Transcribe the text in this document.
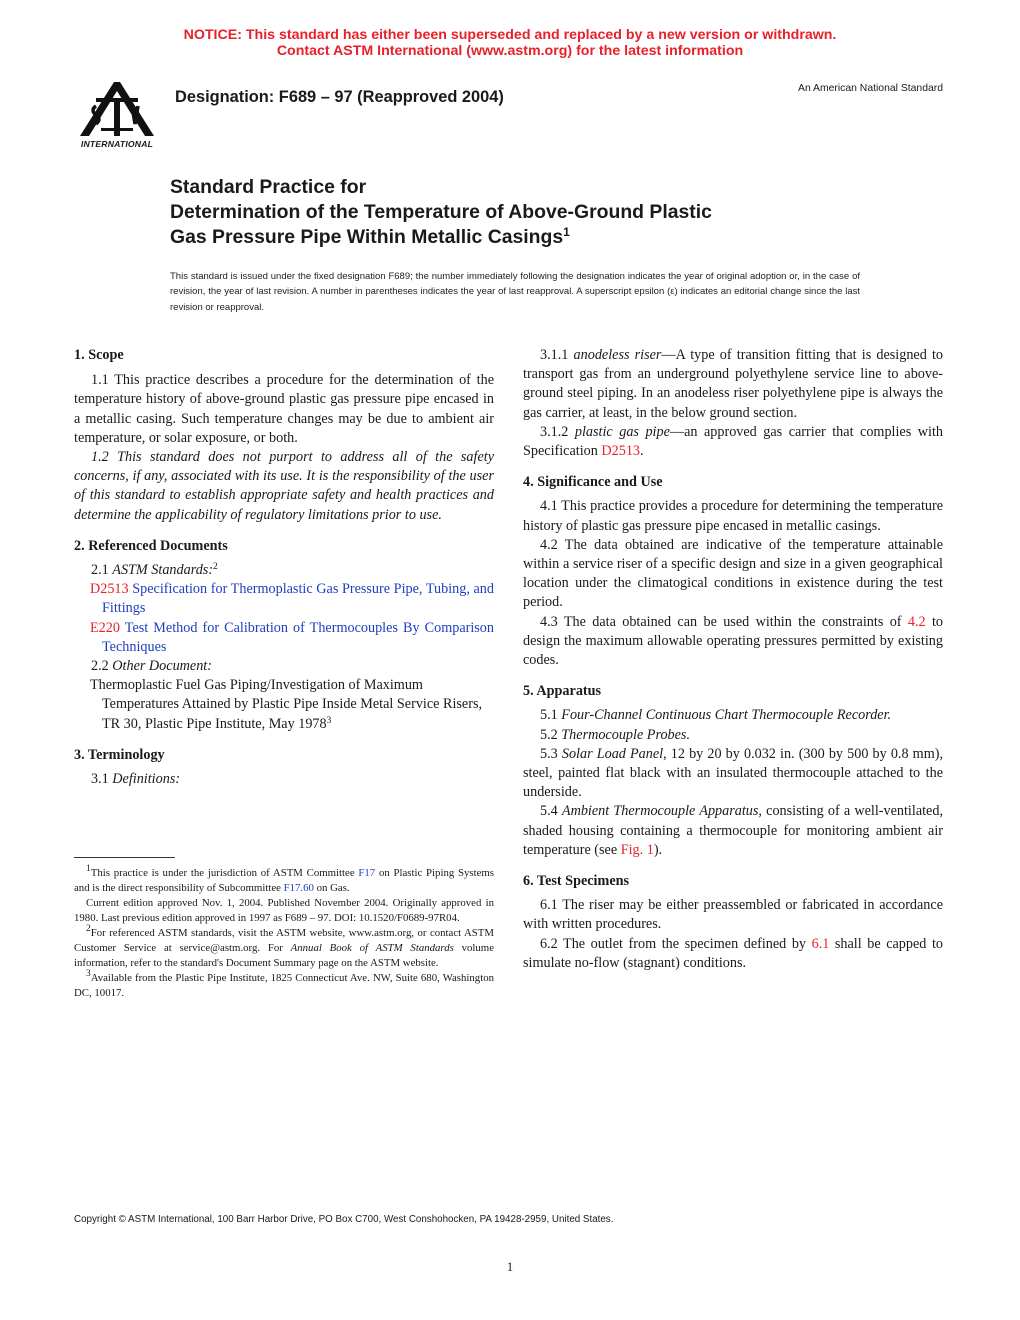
NOTICE: This standard has either been superseded and replaced by a new version or withdrawn.
Contact ASTM International (www.astm.org) for the latest information
INTERNATIONAL
Designation: F689 – 97 (Reapproved 2004)	An American National Standard
Standard Practice for
Determination of the Temperature of Above-Ground Plastic
Gas Pressure Pipe Within Metallic Casings$^1$
This standard is issued under the fixed designation F689; the number immediately following the designation indicates the year of original adoption or, in the case of revision, the year of last revision. A number in parentheses indicates the year of last reapproval. A superscript epsilon (ε) indicates an editorial change since the last revision or reapproval.
1. Scope

1.1 This practice describes a procedure for the determination of the temperature history of above-ground plastic gas pressure pipe encased in a metallic casing. Such temperature changes may be due to ambient air temperature, or solar exposure, or both.

1.2 This standard does not purport to address all of the safety concerns, if any, associated with its use. It is the responsibility of the user of this standard to establish appropriate safety and health practices and determine the applicability of regulatory limitations prior to use.

2. Referenced Documents

2.1 ASTM Standards:$^2$

D2513 Specification for Thermoplastic Gas Pressure Pipe, Tubing, and Fittings

E220 Test Method for Calibration of Thermocouples By Comparison Techniques

2.2 Other Document:

Thermoplastic Fuel Gas Piping/Investigation of Maximum Temperatures Attained by Plastic Pipe Inside Metal Service Risers, TR 30, Plastic Pipe Institute, May 1978$^3$

3. Terminology

3.1 Definitions:

$^1$This practice is under the jurisdiction of ASTM Committee F17 on Plastic Piping Systems and is the direct responsibility of Subcommittee F17.60 on Gas.

Current edition approved Nov. 1, 2004. Published November 2004. Originally approved in 1980. Last previous edition approved in 1997 as F689 – 97. DOI: 10.1520/F0689-97R04.

$^2$For referenced ASTM standards, visit the ASTM website, www.astm.org, or contact ASTM Customer Service at service@astm.org. For Annual Book of ASTM Standards volume information, refer to the standard's Document Summary page on the ASTM website.

$^3$Available from the Plastic Pipe Institute, 1825 Connecticut Ave. NW, Suite 680, Washington DC, 10017.

3.1.1 anodeless riser—A type of transition fitting that is designed to transport gas from an underground polyethylene service line to above-ground steel piping. In an anodeless riser polyethylene pipe is always the gas carrier, at least, in the below ground section.

3.1.2 plastic gas pipe—an approved gas carrier that complies with Specification D2513.

4. Significance and Use

4.1 This practice provides a procedure for determining the temperature history of plastic gas pressure pipe encased in metallic casings.

4.2 The data obtained are indicative of the temperature attainable within a service riser of a specific design and size in a given geographical location under the climatogical conditions in existence during the test period.

4.3 The data obtained can be used within the constraints of 4.2 to design the maximum allowable operating pressures permitted by existing codes.

5. Apparatus

5.1 Four-Channel Continuous Chart Thermocouple Recorder.

5.2 Thermocouple Probes.

5.3 Solar Load Panel, 12 by 20 by 0.032 in. (300 by 500 by 0.8 mm), steel, painted flat black with an insulated thermocouple attached to the underside.

5.4 Ambient Thermocouple Apparatus, consisting of a well-ventilated, shaded housing containing a thermocouple for monitoring ambient air temperature (see Fig. 1).

6. Test Specimens

6.1 The riser may be either preassembled or fabricated in accordance with written procedures.

6.2 The outlet from the specimen defined by 6.1 shall be capped to simulate no-flow (stagnant) conditions.

Copyright © ASTM International, 100 Barr Harbor Drive, PO Box C700, West Conshohocken, PA 19428-2959, United States.
1
